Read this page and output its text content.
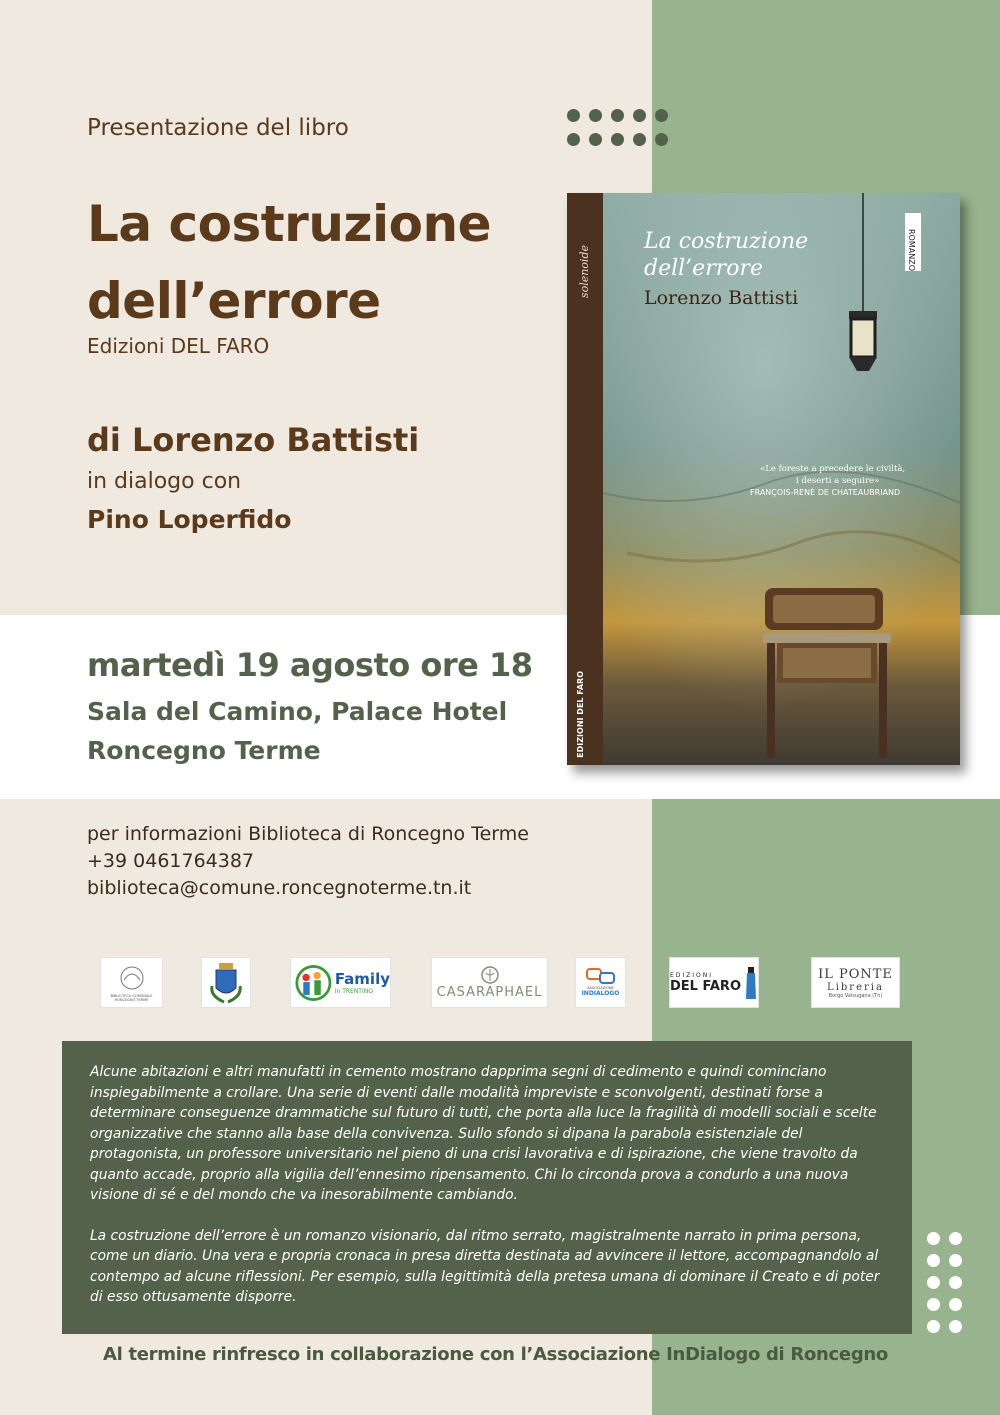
Presentazione del libro
La costruzione
dell’errore
Edizioni DEL FARO
di Lorenzo Battisti
in dialogo con
Pino Loperfido
martedì 19 agosto ore 18
Sala del Camino, Palace Hotel
Roncegno Terme
La costruzione
dell’errore
Lorenzo Battisti
ROMANZO
solenoide
«Le foreste a precedere le civiltà,
i deserti a seguire»
FRANÇOIS-RENÉ DE CHATEAUBRIAND
EDIZIONI DEL FARO
per informazioni Biblioteca di Roncegno Terme
+39 0461764387
biblioteca@comune.roncegnoterme.tn.it
BIBLIOTECA COMUNALE
RONCEGNO TERME
Family
in TRENTINO	CASARAPHAEL	ASSOCIAZIONE
INDIALOGO
EDIZIONI
DEL FARO
IL PONTE
Libreria
Borgo Valsugana (Tn)

Alcune abitazioni e altri manufatti in cemento mostrano dapprima segni di cedimento e quindi cominciano inspiegabilmente a crollare. Una serie di eventi dalle modalità impreviste e sconvolgenti, destinati forse a determinare conseguenze drammatiche sul futuro di tutti, che porta alla luce la fragilità di modelli sociali e scelte organizzative che stanno alla base della convivenza. Sullo sfondo si dipana la parabola esistenziale del protagonista, un professore universitario nel pieno di una crisi lavorativa e di ispirazione, che viene travolto da quanto accade, proprio alla vigilia dell’ennesimo ripensamento. Chi lo circonda prova a condurlo a una nuova visione di sé e del mondo che va inesorabilmente cambiando.

La costruzione dell’errore è un romanzo visionario, dal ritmo serrato, magistralmente narrato in prima persona, come un diario. Una vera e propria cronaca in presa diretta destinata ad avvincere il lettore, accompagnandolo al contempo ad alcune riflessioni. Per esempio, sulla legittimità della pretesa umana di dominare il Creato e di poter di esso ottusamente disporre.

Al termine rinfresco in collaborazione con l’Associazione InDialogo di Roncegno
